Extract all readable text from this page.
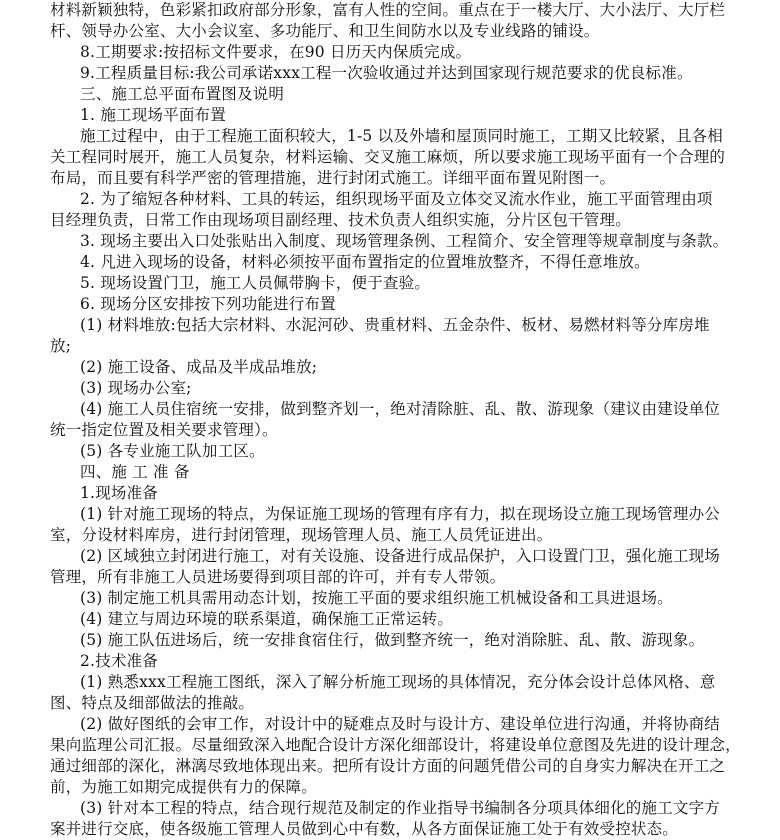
材料新颖独特，色彩紧扣政府部分形象，富有人性的空间。重点在于一楼大厅、大小法厅、大厅栏
杆、领导办公室、大小会议室、多功能厅、和卫生间防水以及专业线路的铺设。
8.工期要求:按招标文件要求，在90 日历天内保质完成。
9.工程质量目标:我公司承诺xxx工程一次验收通过并达到国家现行规范要求的优良标准。
三、施工总平面布置图及说明
1. 施工现场平面布置
施工过程中，由于工程施工面积较大，1-5 以及外墙和屋顶同时施工，工期又比较紧，且各相
关工程同时展开，施工人员复杂，材料运输、交叉施工麻烦，所以要求施工现场平面有一个合理的
布局，而且要有科学严密的管理措施，进行封闭式施工。详细平面布置见附图一。
2. 为了缩短各种材料、工具的转运，组织现场平面及立体交叉流水作业，施工平面管理由项
目经理负责，日常工作由现场项目副经理、技术负责人组织实施，分片区包干管理。
3. 现场主要出入口处张贴出入制度、现场管理条例、工程简介、安全管理等规章制度与条款。
4. 凡进入现场的设备，材料必须按平面布置指定的位置堆放整齐，不得任意堆放。
5. 现场设置门卫，施工人员佩带胸卡，便于查验。
6. 现场分区安排按下列功能进行布置
(1) 材料堆放:包括大宗材料、水泥河砂、贵重材料、五金杂件、板材、易燃材料等分库房堆
放;
(2) 施工设备、成品及半成品堆放;
(3) 现场办公室;
(4) 施工人员住宿统一安排，做到整齐划一，绝对清除脏、乱、散、游现象（建议由建设单位
统一指定位置及相关要求管理）。
(5) 各专业施工队加工区。
四、施 工 准 备
1.现场准备
(1) 针对施工现场的特点，为保证施工现场的管理有序有力，拟在现场设立施工现场管理办公
室，分设材料库房，进行封闭管理，现场管理人员、施工人员凭证进出。
(2) 区域独立封闭进行施工，对有关设施、设备进行成品保护，入口设置门卫，强化施工现场
管理，所有非施工人员进场要得到项目部的许可，并有专人带领。
(3) 制定施工机具需用动态计划，按施工平面的要求组织施工机械设备和工具进退场。
(4) 建立与周边环境的联系渠道，确保施工正常运转。
(5) 施工队伍进场后，统一安排食宿住行，做到整齐统一，绝对消除脏、乱、散、游现象。
2.技术准备
(1) 熟悉xxx工程施工图纸，深入了解分析施工现场的具体情况，充分体会设计总体风格、意
图、特点及细部做法的推敲。
(2) 做好图纸的会审工作，对设计中的疑难点及时与设计方、建设单位进行沟通，并将协商结
果向监理公司汇报。尽量细致深入地配合设计方深化细部设计，将建设单位意图及先进的设计理念，
通过细部的深化，淋漓尽致地体现出来。把所有设计方面的问题凭借公司的自身实力解决在开工之
前，为施工如期完成提供有力的保障。
(3) 针对本工程的特点，结合现行规范及制定的作业指导书编制各分项具体细化的施工文字方
案并进行交底，使各级施工管理人员做到心中有数，从各方面保证施工处于有效受控状态。
